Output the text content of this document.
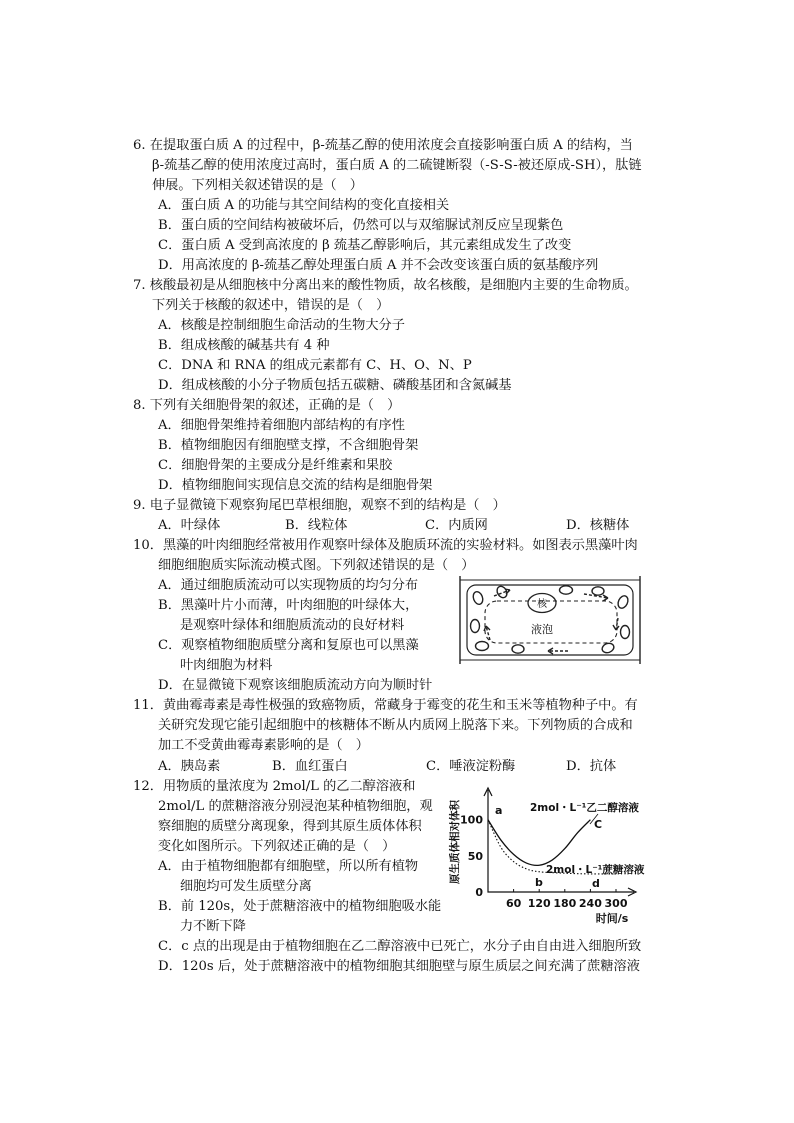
6. 在提取蛋白质 A 的过程中，β-巯基乙醇的使用浓度会直接影响蛋白质 A 的结构，当
β-巯基乙醇的使用浓度过高时，蛋白质 A 的二硫键断裂（-S-S-被还原成-SH），肽链
伸展。下列相关叙述错误的是（　）
A．蛋白质 A 的功能与其空间结构的变化直接相关
B．蛋白质的空间结构被破坏后，仍然可以与双缩脲试剂反应呈现紫色
C．蛋白质 A 受到高浓度的 β 巯基乙醇影响后，其元素组成发生了改变
D．用高浓度的 β-巯基乙醇处理蛋白质 A 并不会改变该蛋白质的氨基酸序列
7. 核酸最初是从细胞核中分离出来的酸性物质，故名核酸，是细胞内主要的生命物质。
下列关于核酸的叙述中，错误的是（　）
A．核酸是控制细胞生命活动的生物大分子
B．组成核酸的碱基共有 4 种
C．DNA 和 RNA 的组成元素都有 C、H、O、N、P
D．组成核酸的小分子物质包括五碳糖、磷酸基团和含氮碱基
8. 下列有关细胞骨架的叙述，正确的是（　）
A．细胞骨架维持着细胞内部结构的有序性
B．植物细胞因有细胞壁支撑，不含细胞骨架
C．细胞骨架的主要成分是纤维素和果胶
D．植物细胞间实现信息交流的结构是细胞骨架
9. 电子显微镜下观察狗尾巴草根细胞，观察不到的结构是（　）
A．叶绿体	B．线粒体	C．内质网	D．核糖体
10．黑藻的叶肉细胞经常被用作观察叶绿体及胞质环流的实验材料。如图表示黑藻叶肉
细胞细胞质实际流动模式图。下列叙述错误的是（　）
A．通过细胞质流动可以实现物质的均匀分布
B．黑藻叶片小而薄，叶肉细胞的叶绿体大，
是观察叶绿体和细胞质流动的良好材料
C．观察植物细胞质壁分离和复原也可以黑藻
叶肉细胞为材料
D．在显微镜下观察该细胞质流动方向为顺时针
核
液泡
11．黄曲霉毒素是毒性极强的致癌物质，常藏身于霉变的花生和玉米等植物种子中。有
关研究发现它能引起细胞中的核糖体不断从内质网上脱落下来。下列物质的合成和
加工不受黄曲霉毒素影响的是（　）
A．胰岛素	B．血红蛋白	C．唾液淀粉酶	D．抗体
12．用物质的量浓度为 2mol/L 的乙二醇溶液和
2mol/L 的蔗糖溶液分别浸泡某种植物细胞，观
察细胞的质壁分离现象，得到其原生质体体积
变化如图所示。下列叙述正确的是（　）
A．由于植物细胞都有细胞壁，所以所有植物
细胞均可发生质壁分离
B．前 120s，处于蔗糖溶液中的植物细胞吸水能
力不断下降
C．c 点的出现是由于植物细胞在乙二醇溶液中已死亡，水分子由自由进入细胞所致
D．120s 后，处于蔗糖溶液中的植物细胞其细胞壁与原生质层之间充满了蔗糖溶液
60 120 180 240 300
0
50
100
a
b
C
d
原生质体相对体积
时间/s
2mol・L⁻¹乙二醇溶液
2mol・L⁻¹蔗糖溶液
